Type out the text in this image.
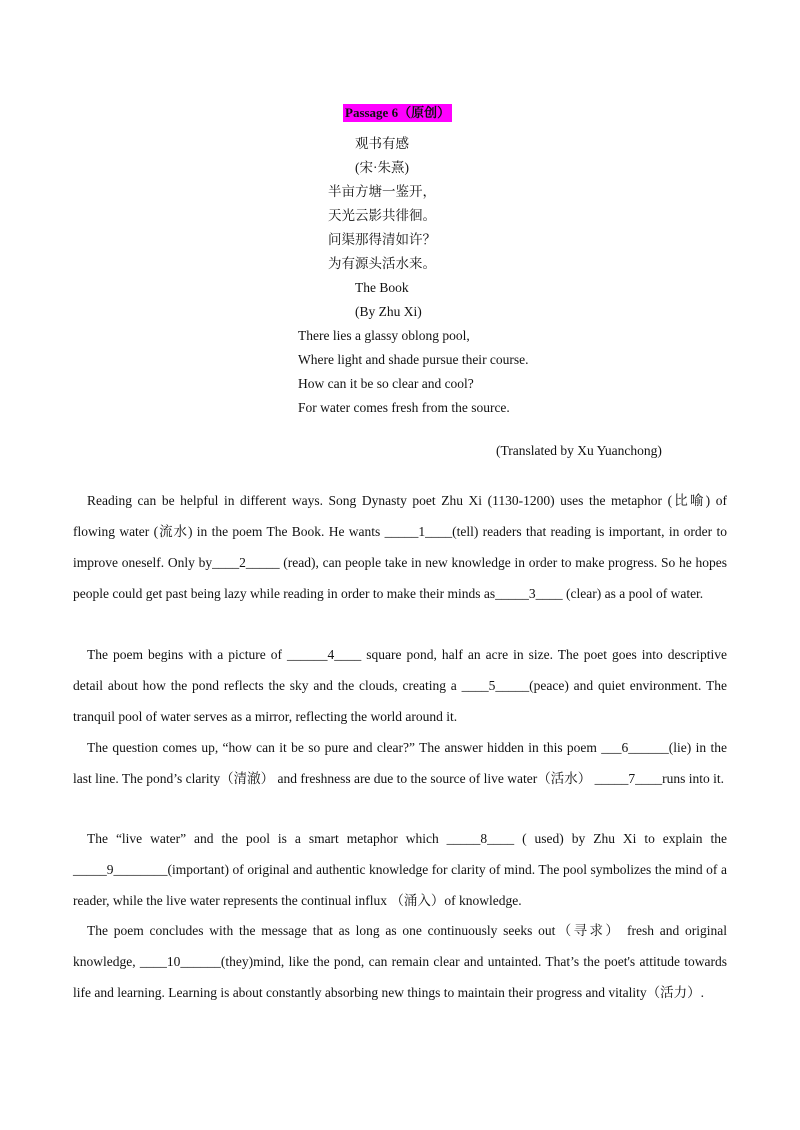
Passage 6（原创）
观书有感
(宋·朱熹)
半亩方塘一鉴开，
天光云影共徘徊。
问渠那得清如许？
为有源头活水来。
The Book
(By Zhu Xi)
There lies a glassy oblong pool,
Where light and shade pursue their course.
How can it be so clear and cool?
For water comes fresh from the source.
(Translated by Xu Yuanchong)
Reading can be helpful in different ways. Song Dynasty poet Zhu Xi (1130-1200) uses the metaphor (比喻) of flowing water (流水) in the poem The Book. He wants _____1____(tell) readers that reading is important, in order to improve oneself. Only by____2_____ (read), can people take in new knowledge in order to make progress. So he hopes people could get past being lazy while reading in order to make their minds as_____3____ (clear) as a pool of water.
The poem begins with a picture of ______4____ square pond, half an acre in size. The poet goes into descriptive detail about how the pond reflects the sky and the clouds, creating a ____5_____(peace) and quiet environment. The tranquil pool of water serves as a mirror, reflecting the world around it.
The question comes up, “how can it be so pure and clear?” The answer hidden in this poem ___6______(lie) in the last line. The pond’s clarity（清澈） and freshness are due to the source of live water（活水） _____7____runs into it.
The “live water” and the pool is a smart metaphor which _____8____ ( used) by Zhu Xi to explain the _____9________(important) of original and authentic knowledge for clarity of mind. The pool symbolizes the mind of a reader, while the live water represents the continual influx （涌入）of knowledge.
The poem concludes with the message that as long as one continuously seeks out（寻求） fresh and original knowledge, ____10______(they)mind, like the pond, can remain clear and untainted. That’s the poet's attitude towards life and learning. Learning is about constantly absorbing new things to maintain their progress and vitality（活力）.
